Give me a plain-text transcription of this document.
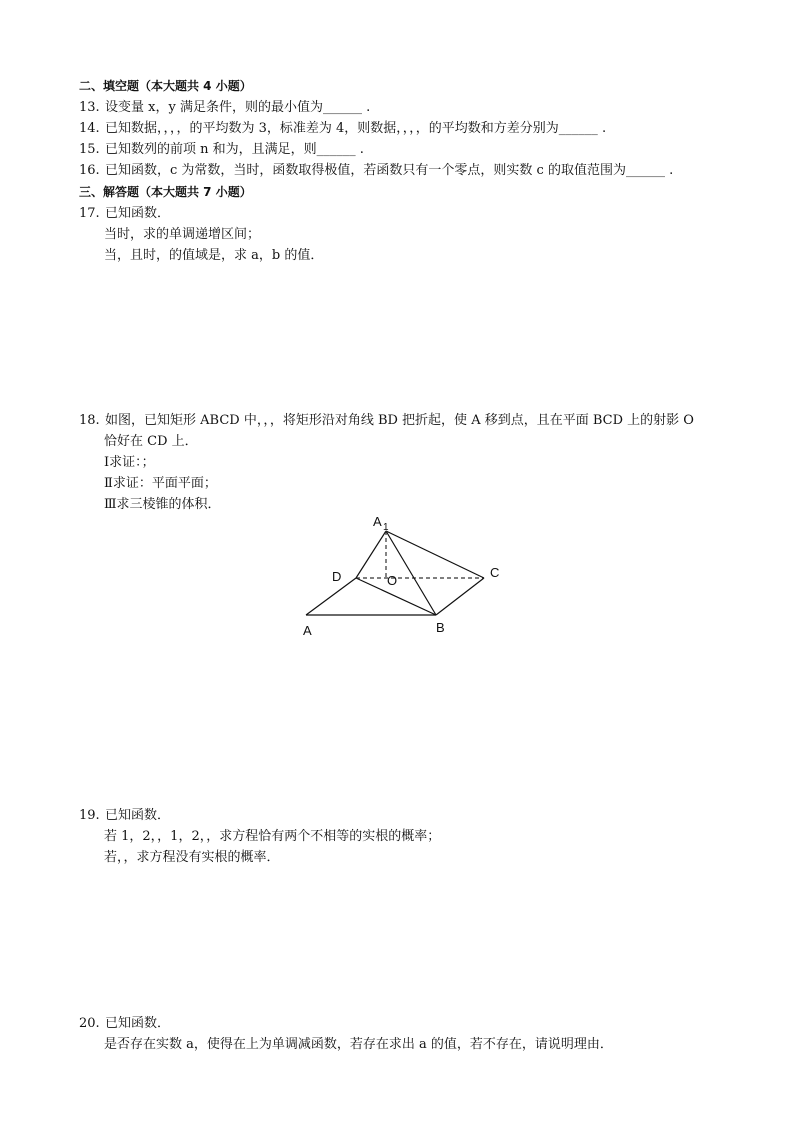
二、填空题（本大题共 4 小题）
13. 设变量 x，y 满足条件，则的最小值为______ .
14. 已知数据，，，，的平均数为 3，标准差为 4，则数据，，，，的平均数和方差分别为______ .
15. 已知数列的前项 n 和为，且满足，则______ .
16. 已知函数，c 为常数，当时，函数取得极值，若函数只有一个零点，则实数 c 的取值范围为______ .
三、解答题（本大题共 7 小题）
17. 已知函数．
当时，求的单调递增区间；
当，且时，的值域是，求 a，b 的值．
18. 如图，已知矩形 ABCD 中，，，将矩形沿对角线 BD 把折起，使 A 移到点，且在平面 BCD 上的射影 O
恰好在 CD 上．
Ⅰ求证：；
Ⅱ求证：平面平面；
Ⅲ求三棱锥的体积．
A 1
D	O
C
A	B
19. 已知函数．
若 1，2，，1，2，，求方程恰有两个不相等的实根的概率；
若，，求方程没有实根的概率．
20. 已知函数．
是否存在实数 a，使得在上为单调减函数，若存在求出 a 的值，若不存在，请说明理由．
